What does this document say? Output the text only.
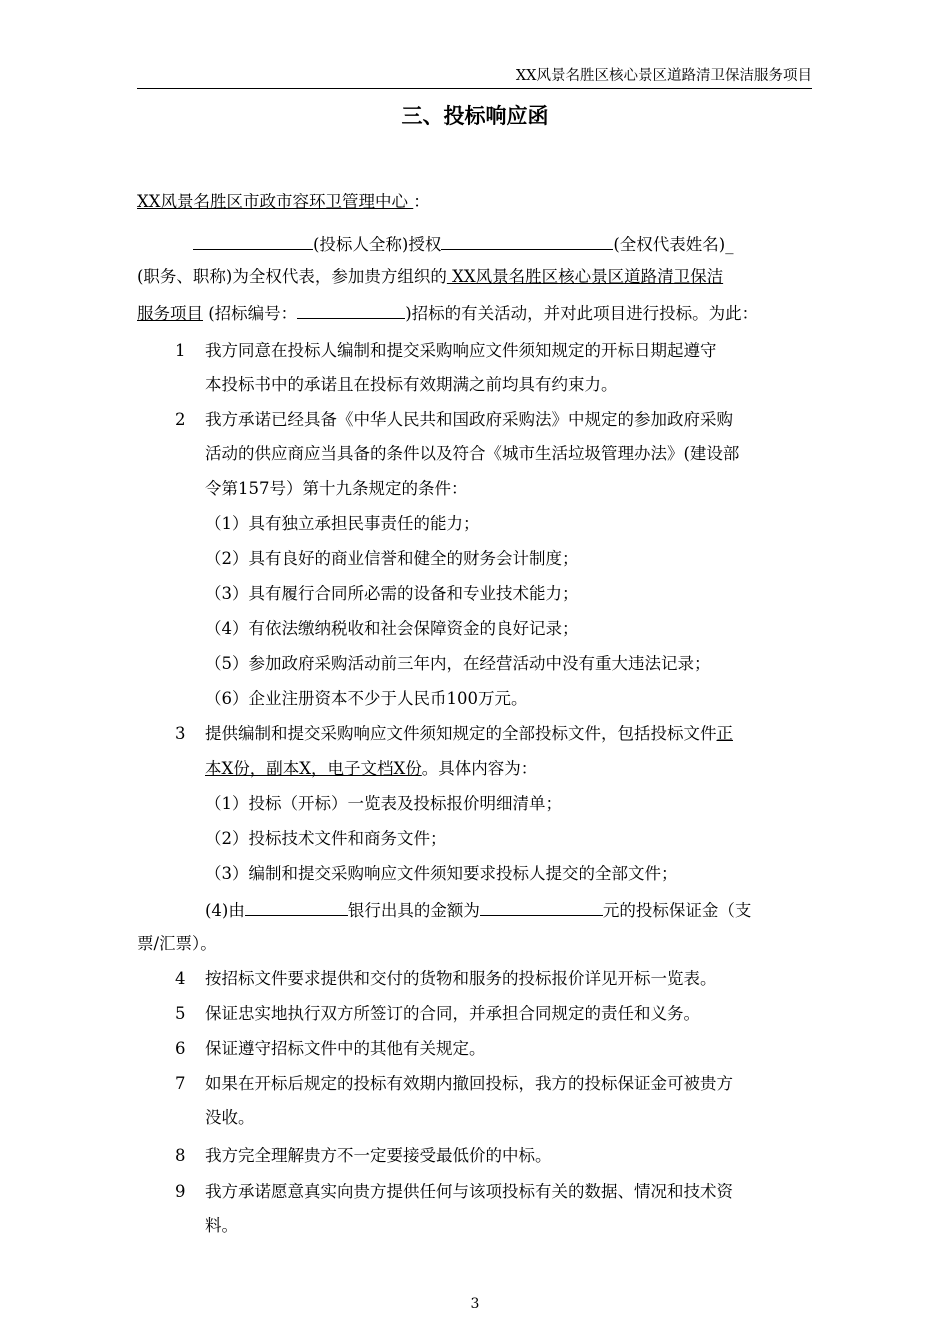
XX风景名胜区核心景区道路清卫保洁服务项目
三、投标响应函
XX风景名胜区市政市容环卫管理中心 ：
(投标人全称)授权	(全权代表姓名)_
(职务、职称)为全权代表，参加贵方组织的 XX风景名胜区核心景区道路清卫保洁
服务项目 (招标编号：	)招标的有关活动，并对此项目进行投标。为此：
1 我方同意在投标人编制和提交采购响应文件须知规定的开标日期起遵守
本投标书中的承诺且在投标有效期满之前均具有约束力。
2 我方承诺已经具备《中华人民共和国政府采购法》中规定的参加政府采购
活动的供应商应当具备的条件以及符合《城市生活垃圾管理办法》(建设部
令第157号）第十九条规定的条件：
（1）具有独立承担民事责任的能力；
（2）具有良好的商业信誉和健全的财务会计制度；
（3）具有履行合同所必需的设备和专业技术能力；
（4）有依法缴纳税收和社会保障资金的良好记录；
（5）参加政府采购活动前三年内，在经营活动中没有重大违法记录；
（6）企业注册资本不少于人民币100万元。
3 提供编制和提交采购响应文件须知规定的全部投标文件，包括投标文件正
本X份，副本X，电子文档X份。具体内容为：
（1）投标（开标）一览表及投标报价明细清单；
（2）投标技术文件和商务文件；
（3）编制和提交采购响应文件须知要求投标人提交的全部文件；
(4)由	银行出具的金额为	元的投标保证金（支
票/汇票）。
4 按招标文件要求提供和交付的货物和服务的投标报价详见开标一览表。
5 保证忠实地执行双方所签订的合同，并承担合同规定的责任和义务。
6 保证遵守招标文件中的其他有关规定。
7 如果在开标后规定的投标有效期内撤回投标，我方的投标保证金可被贵方
没收。
8 我方完全理解贵方不一定要接受最低价的中标。
9 我方承诺愿意真实向贵方提供任何与该项投标有关的数据、情况和技术资
料。
3
